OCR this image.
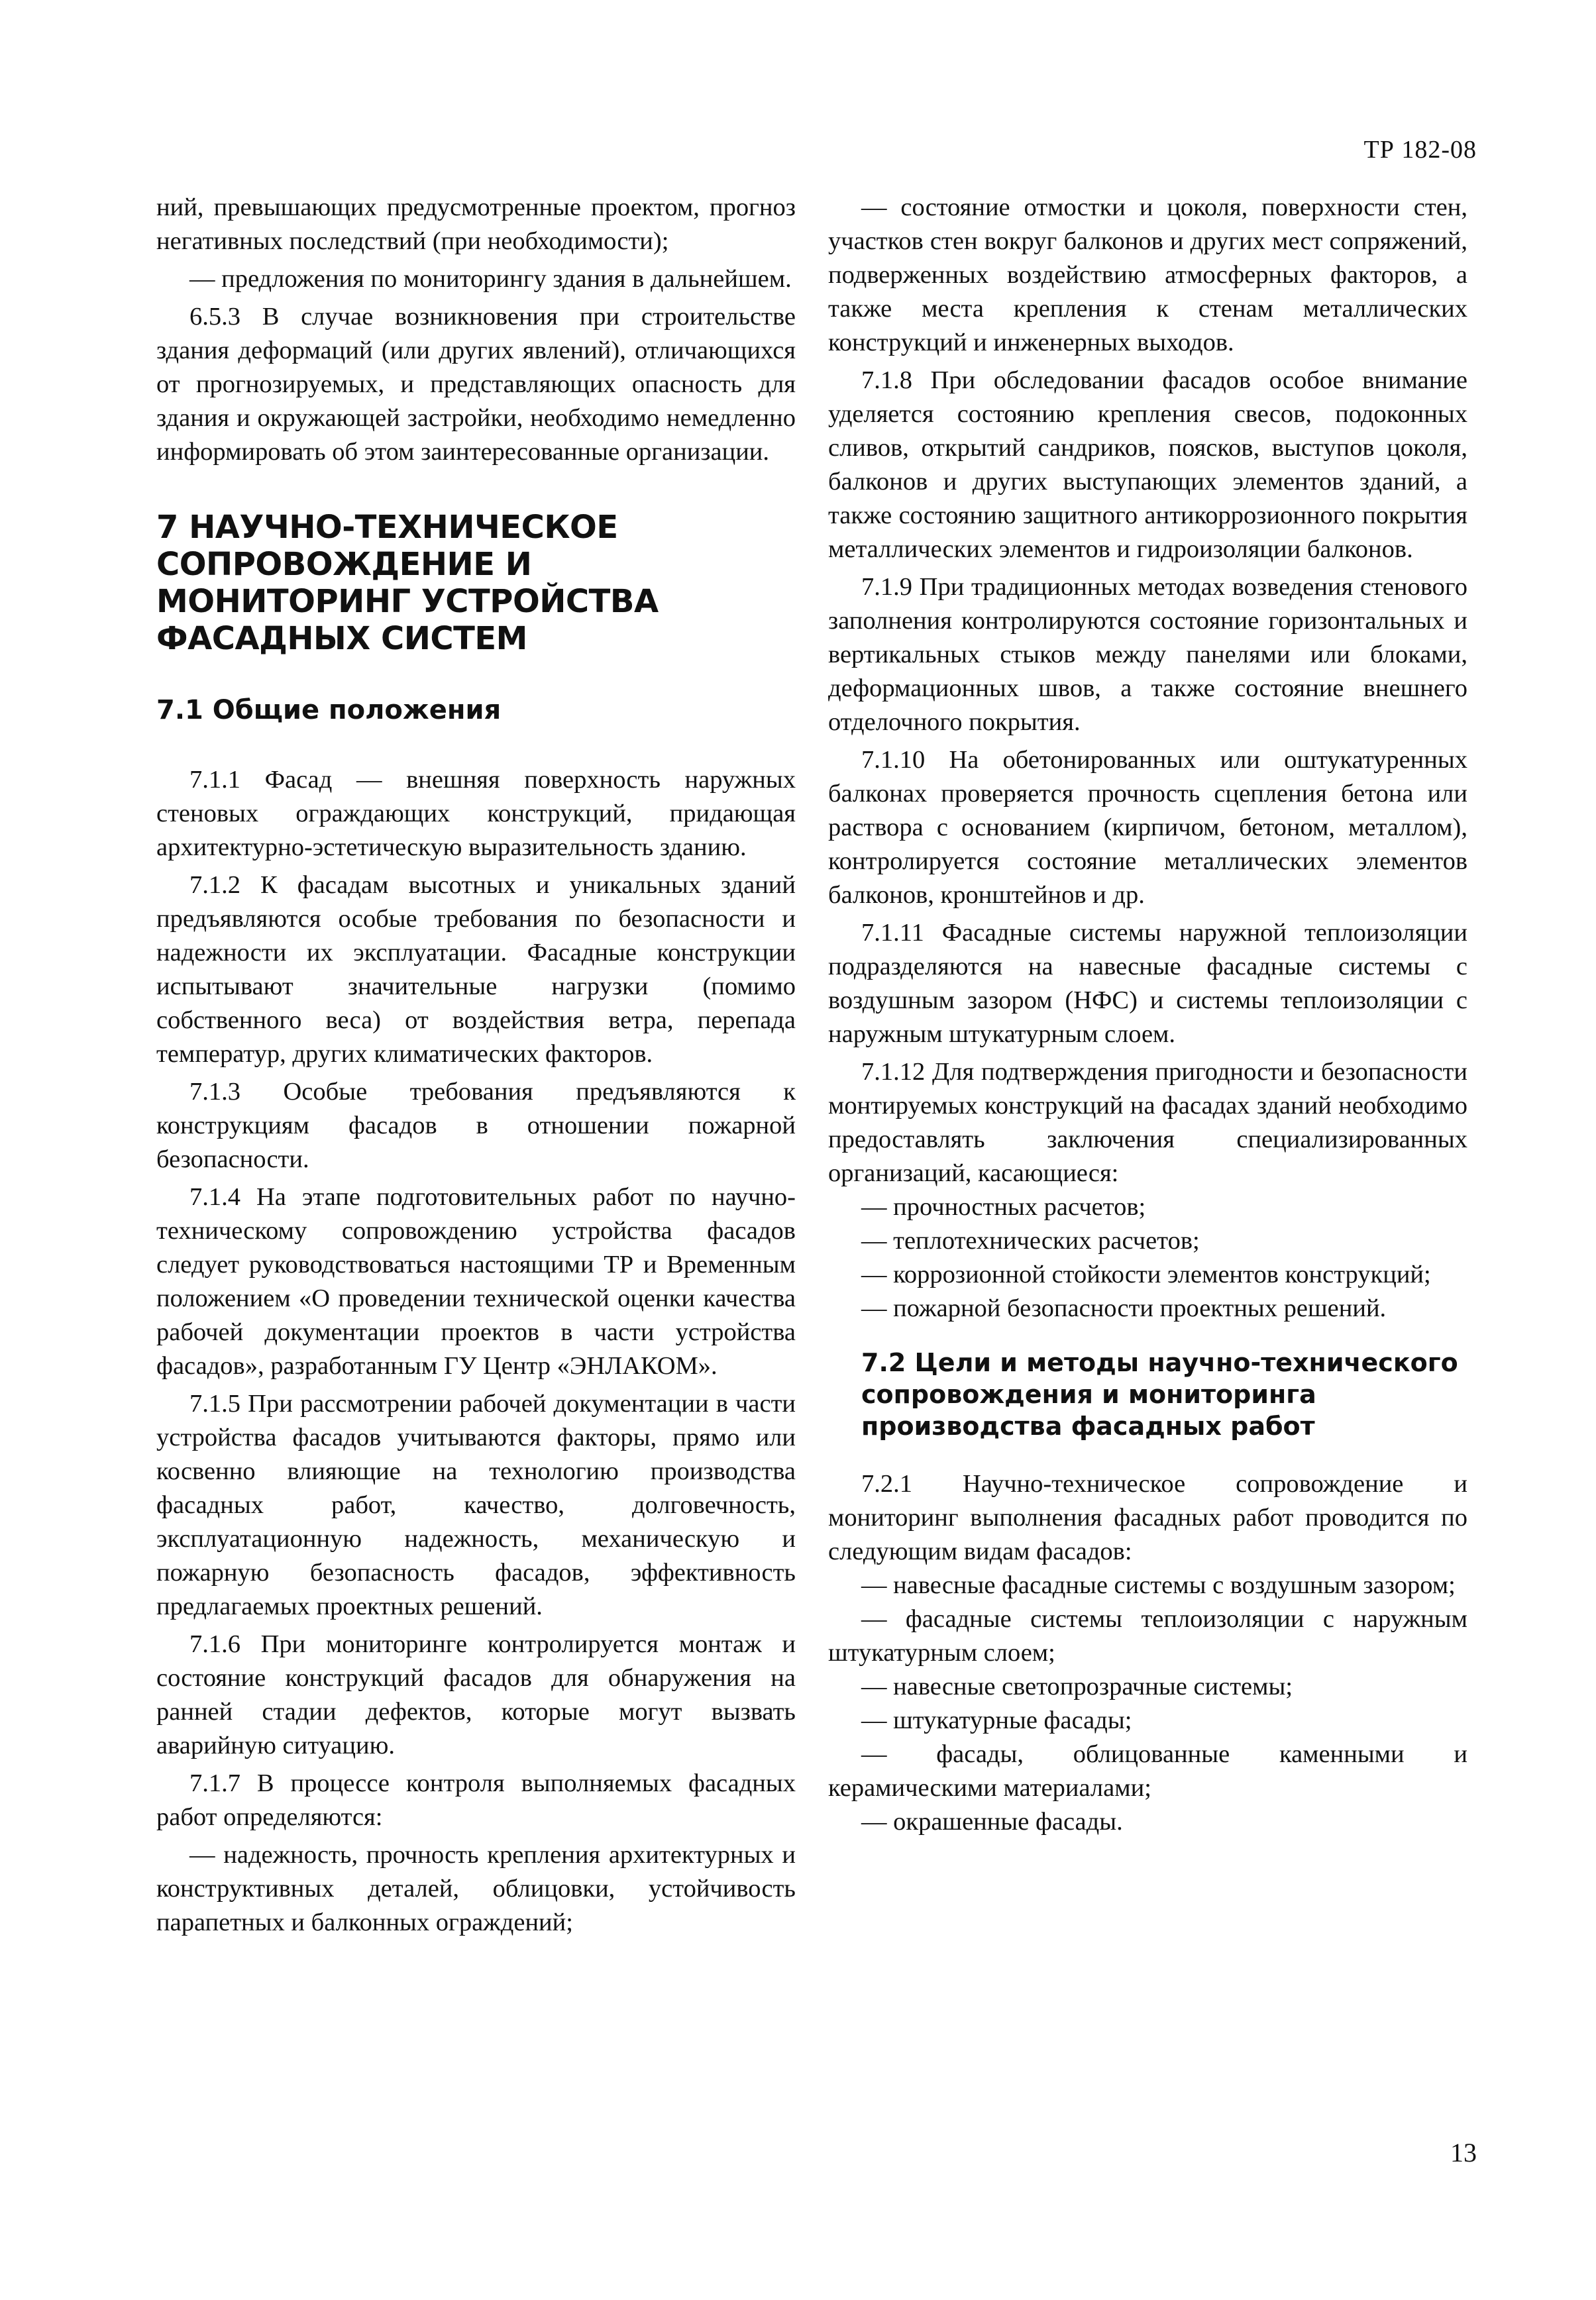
ТР 182-08

ний, превышающих предусмотренные проектом, прогноз негативных последствий (при необходимости);

— предложения по мониторингу здания в дальнейшем.

6.5.3 В случае возникновения при строительстве здания деформаций (или других явлений), отличающихся от прогнозируемых, и представляющих опасность для здания и окружающей застройки, необходимо немедленно информировать об этом заинтересованные организации.

7 НАУЧНО-ТЕХНИЧЕСКОЕ СОПРОВОЖДЕНИЕ И МОНИТОРИНГ УСТРОЙСТВА ФАСАДНЫХ СИСТЕМ
7.1 Общие положения

7.1.1 Фасад — внешняя поверхность наружных стеновых ограждающих конструкций, придающая архитектурно-эстетическую выразительность зданию.

7.1.2 К фасадам высотных и уникальных зданий предъявляются особые требования по безопасности и надежности их эксплуатации. Фасадные конструкции испытывают значительные нагрузки (помимо собственного веса) от воздействия ветра, перепада температур, других климатических факторов.

7.1.3 Особые требования предъявляются к конструкциям фасадов в отношении пожарной безопасности.

7.1.4 На этапе подготовительных работ по научно-техническому сопровождению устройства фасадов следует руководствоваться настоящими ТР и Временным положением «О проведении технической оценки качества рабочей документации проектов в части устройства фасадов», разработанным ГУ Центр «ЭНЛАКОМ».

7.1.5 При рассмотрении рабочей документации в части устройства фасадов учитываются факторы, прямо или косвенно влияющие на технологию производства фасадных работ, качество, долговечность, эксплуатационную надежность, механическую и пожарную безопасность фасадов, эффективность предлагаемых проектных решений.

7.1.6 При мониторинге контролируется монтаж и состояние конструкций фасадов для обнаружения на ранней стадии дефектов, которые могут вызвать аварийную ситуацию.

7.1.7 В процессе контроля выполняемых фасадных работ определяются:

— надежность, прочность крепления архитектурных и конструктивных деталей, облицовки, устойчивость парапетных и балконных ограждений;

— состояние отмостки и цоколя, поверхности стен, участков стен вокруг балконов и других мест сопряжений, подверженных воздействию атмосферных факторов, а также места крепления к стенам металлических конструкций и инженерных выходов.

7.1.8 При обследовании фасадов особое внимание уделяется состоянию крепления свесов, подоконных сливов, открытий сандриков, поясков, выступов цоколя, балконов и других выступающих элементов зданий, а также состоянию защитного антикоррозионного покрытия металлических элементов и гидроизоляции балконов.

7.1.9 При традиционных методах возведения стенового заполнения контролируются состояние горизонтальных и вертикальных стыков между панелями или блоками, деформационных швов, а также состояние внешнего отделочного покрытия.

7.1.10 На обетонированных или оштукатуренных балконах проверяется прочность сцепления бетона или раствора с основанием (кирпичом, бетоном, металлом), контролируется состояние металлических элементов балконов, кронштейнов и др.

7.1.11 Фасадные системы наружной теплоизоляции подразделяются на навесные фасадные системы с воздушным зазором (НФС) и системы теплоизоляции с наружным штукатурным слоем.

7.1.12 Для подтверждения пригодности и безопасности монтируемых конструкций на фасадах зданий необходимо предоставлять заключения специализированных организаций, касающиеся:

— прочностных расчетов;

— теплотехнических расчетов;

— коррозионной стойкости элементов конструкций;

— пожарной безопасности проектных решений.

7.2 Цели и методы научно-технического сопровождения и мониторинга производства фасадных работ

7.2.1 Научно-техническое сопровождение и мониторинг выполнения фасадных работ проводится по следующим видам фасадов:

— навесные фасадные системы с воздушным зазором;

— фасадные системы теплоизоляции с наружным штукатурным слоем;

— навесные светопрозрачные системы;

— штукатурные фасады;

— фасады, облицованные каменными и керамическими материалами;

— окрашенные фасады.

13
